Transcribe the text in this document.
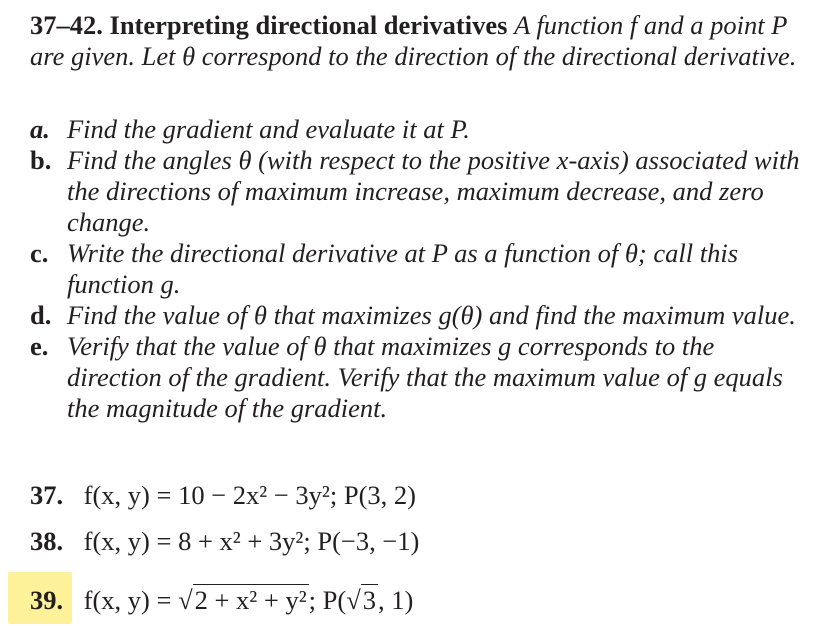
37–42. Interpreting directional derivatives A function f and a point P are given. Let θ correspond to the direction of the directional derivative.
a. Find the gradient and evaluate it at P.
b. Find the angles θ (with respect to the positive x-axis) associated with the directions of maximum increase, maximum decrease, and zero change.
c. Write the directional derivative at P as a function of θ; call this function g.
d. Find the value of θ that maximizes g(θ) and find the maximum value.
e. Verify that the value of θ that maximizes g corresponds to the direction of the gradient. Verify that the maximum value of g equals the magnitude of the gradient.
37. f(x, y) = 10 − 2x² − 3y²; P(3, 2)
38. f(x, y) = 8 + x² + 3y²; P(−3, −1)
39. f(x, y) = √2 + x² + y²; P(√3, 1)
